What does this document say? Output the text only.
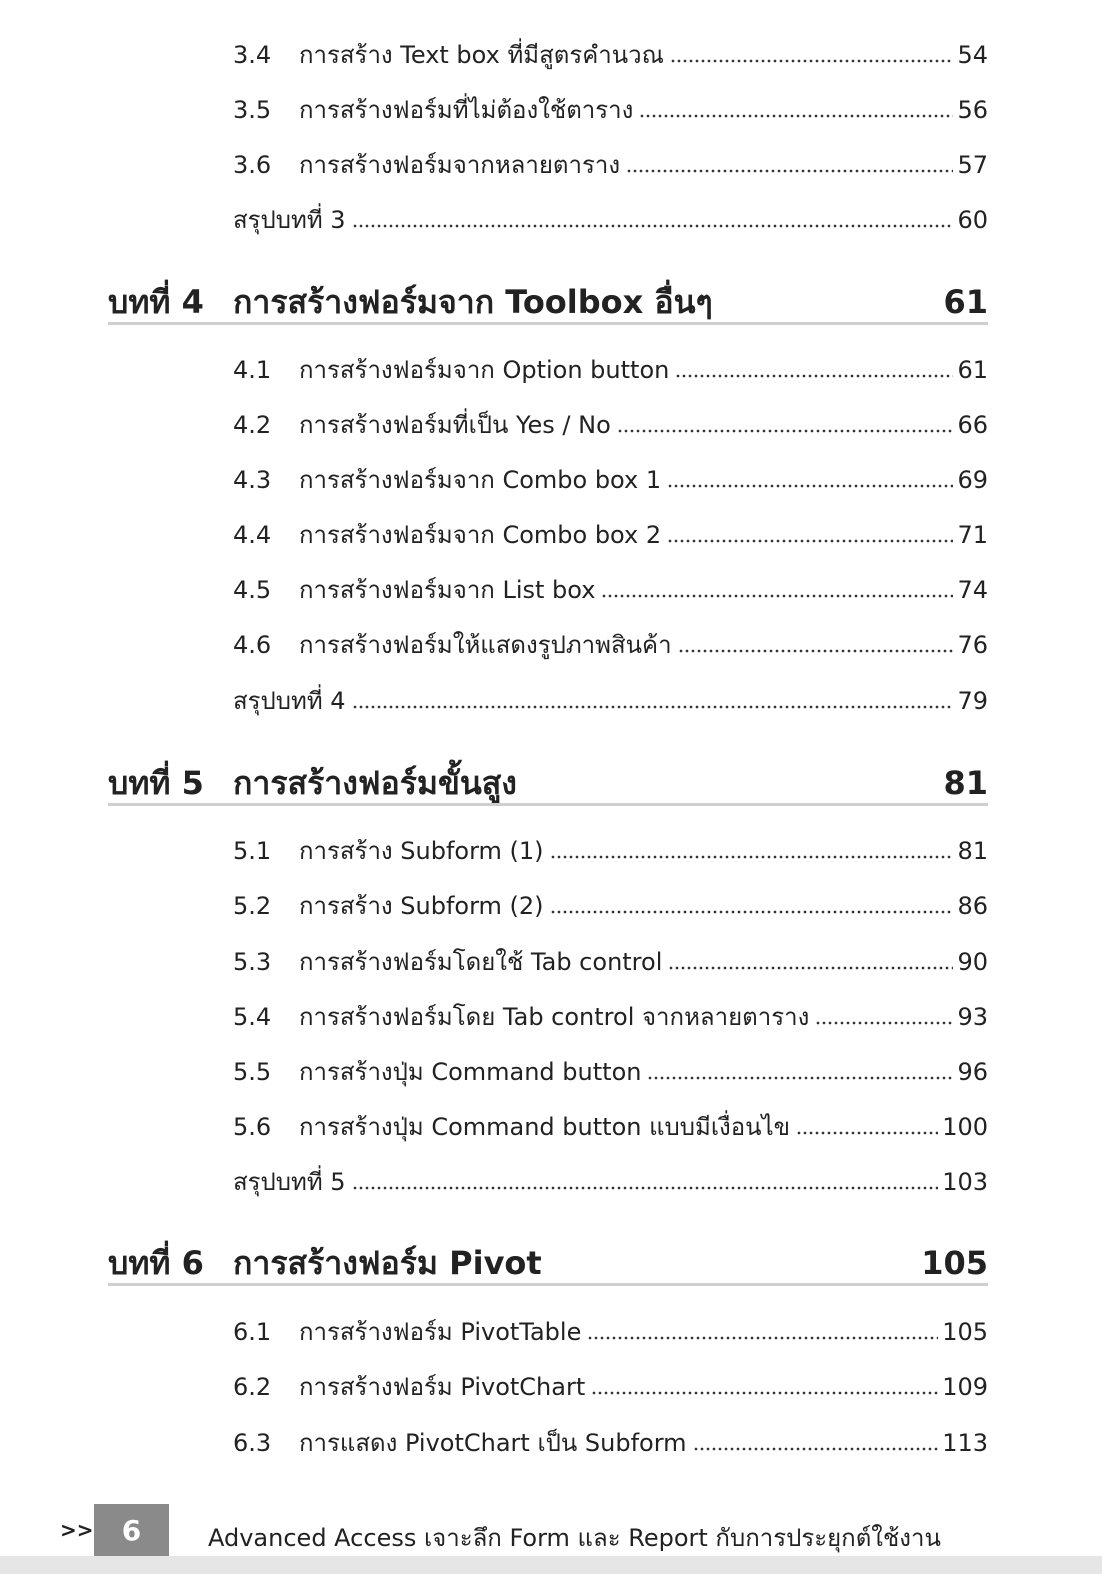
3.4	การสร้าง Text box ที่มีสูตรคำนวณ	54
3.5	การสร้างฟอร์มที่ไม่ต้องใช้ตาราง	56
3.6	การสร้างฟอร์มจากหลายตาราง	57
สรุปบทที่ 3	60
บทที่ 4 การสร้างฟอร์มจาก Toolbox อื่นๆ	61
4.1	การสร้างฟอร์มจาก Option button	61
4.2	การสร้างฟอร์มที่เป็น Yes / No	66
4.3	การสร้างฟอร์มจาก Combo box 1	69
4.4	การสร้างฟอร์มจาก Combo box 2	71
4.5	การสร้างฟอร์มจาก List box	74
4.6	การสร้างฟอร์มให้แสดงรูปภาพสินค้า	76
สรุปบทที่ 4	79
บทที่ 5 การสร้างฟอร์มขั้นสูง	81
5.1	การสร้าง Subform (1)	81
5.2	การสร้าง Subform (2)	86
5.3	การสร้างฟอร์มโดยใช้ Tab control	90
5.4	การสร้างฟอร์มโดย Tab control จากหลายตาราง	93
5.5	การสร้างปุ่ม Command button	96
5.6	การสร้างปุ่ม Command button แบบมีเงื่อนไข	100
สรุปบทที่ 5	103
บทที่ 6 การสร้างฟอร์ม Pivot	105
6.1	การสร้างฟอร์ม PivotTable	105
6.2	การสร้างฟอร์ม PivotChart	109
6.3	การแสดง PivotChart เป็น Subform	113
>>	6	Advanced Access เจาะลึก Form และ Report กับการประยุกต์ใช้งาน
